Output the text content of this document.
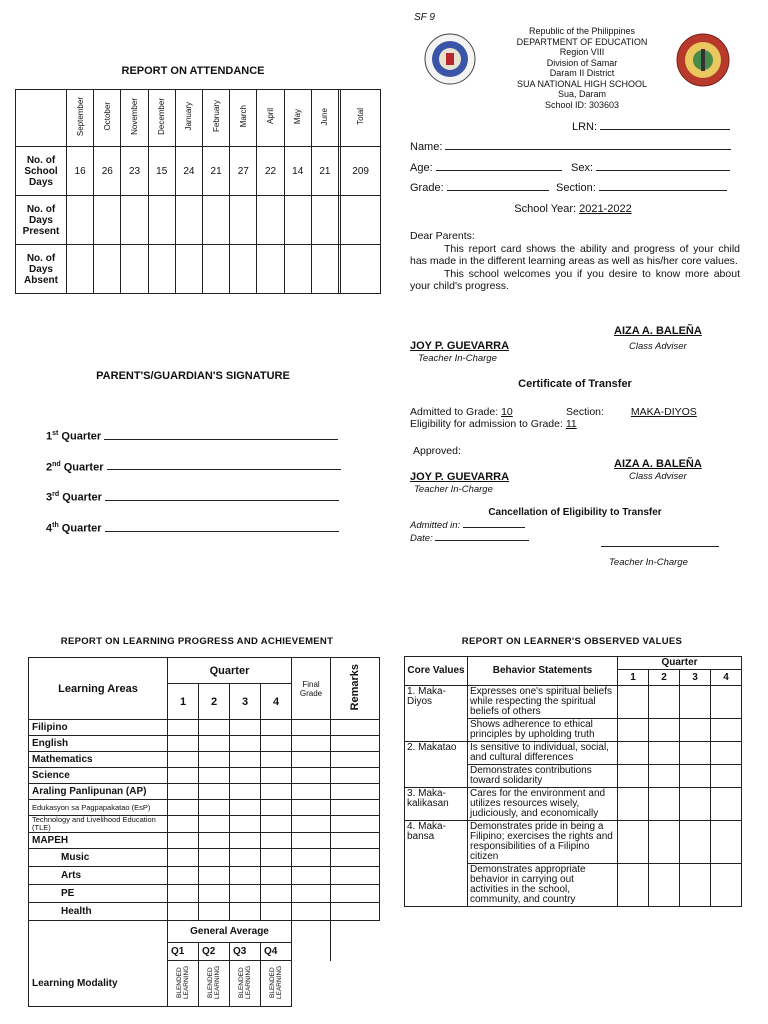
SF 9
Republic of the Philippines
DEPARTMENT OF EDUCATION
Region VIII
Division of Samar
Daram II District
SUA NATIONAL HIGH SCHOOL
Sua, Daram
School ID: 303603
REPORT ON ATTENDANCE
	September	October	November	December	January	February	March	April	May	June		Total
No. of School Days	16	26	23	15	24	21	27	22	14	21		209
No. of Days Present												
No. of Days Absent												
PARENT'S/GUARDIAN'S SIGNATURE
1st Quarter
2nd Quarter
3rd Quarter
4th Quarter
LRN:
Name:
Age:	Sex:
Grade:	Section:
School Year: 2021-2022
Dear Parents:
This report card shows the ability and progress of your child has made in the different learning areas as well as his/her core values.
This school welcomes you if you desire to know more about your child's progress.
AIZA A. BALEÑA
Class Adviser
JOY P. GUEVARRA
Teacher In-Charge
Certificate of Transfer
Admitted to Grade: 10	Section:	MAKA-DIYOS
Eligibility for admission to Grade: 11
Approved:
AIZA A. BALEÑA
Class Adviser
JOY P. GUEVARRA
Teacher In-Charge
Cancellation of Eligibility to Transfer
Admitted in:
Date:
Teacher In-Charge
REPORT ON LEARNING PROGRESS AND ACHIEVEMENT
Learning Areas	Quarter				Final Grade	Remarks
	1	2	3	4		
Filipino						
English						
Mathematics						
Science						
Araling Panlipunan (AP)						
Edukasyon sa Pagpapakatao (EsP)						
Technology and Livelihood Education (TLE)						
MAPEH						
Music						
Arts						
PE						
Health						
	General Average					
	Q1	Q2	Q3	Q4		
Learning Modality	BLENDED LEARNING	BLENDED LEARNING	BLENDED LEARNING	BLENDED LEARNING		
REPORT ON LEARNER'S OBSERVED VALUES
Core Values	Behavior Statements	Quarter			
		1	2	3	4
1. Maka-Diyos	Expresses one's spiritual beliefs while respecting the spiritual beliefs of others				
	Shows adherence to ethical principles by upholding truth				
2. Makatao	Is sensitive to individual, social, and cultural differences				
	Demonstrates contributions toward solidarity				
3. Maka-kalikasan	Cares for the environment and utilizes resources wisely, judiciously, and economically				
4. Maka-bansa	Demonstrates pride in being a Filipino; exercises the rights and responsibilities of a Filipino citizen				
	Demonstrates appropriate behavior in carrying out activities in the school, community, and country				
